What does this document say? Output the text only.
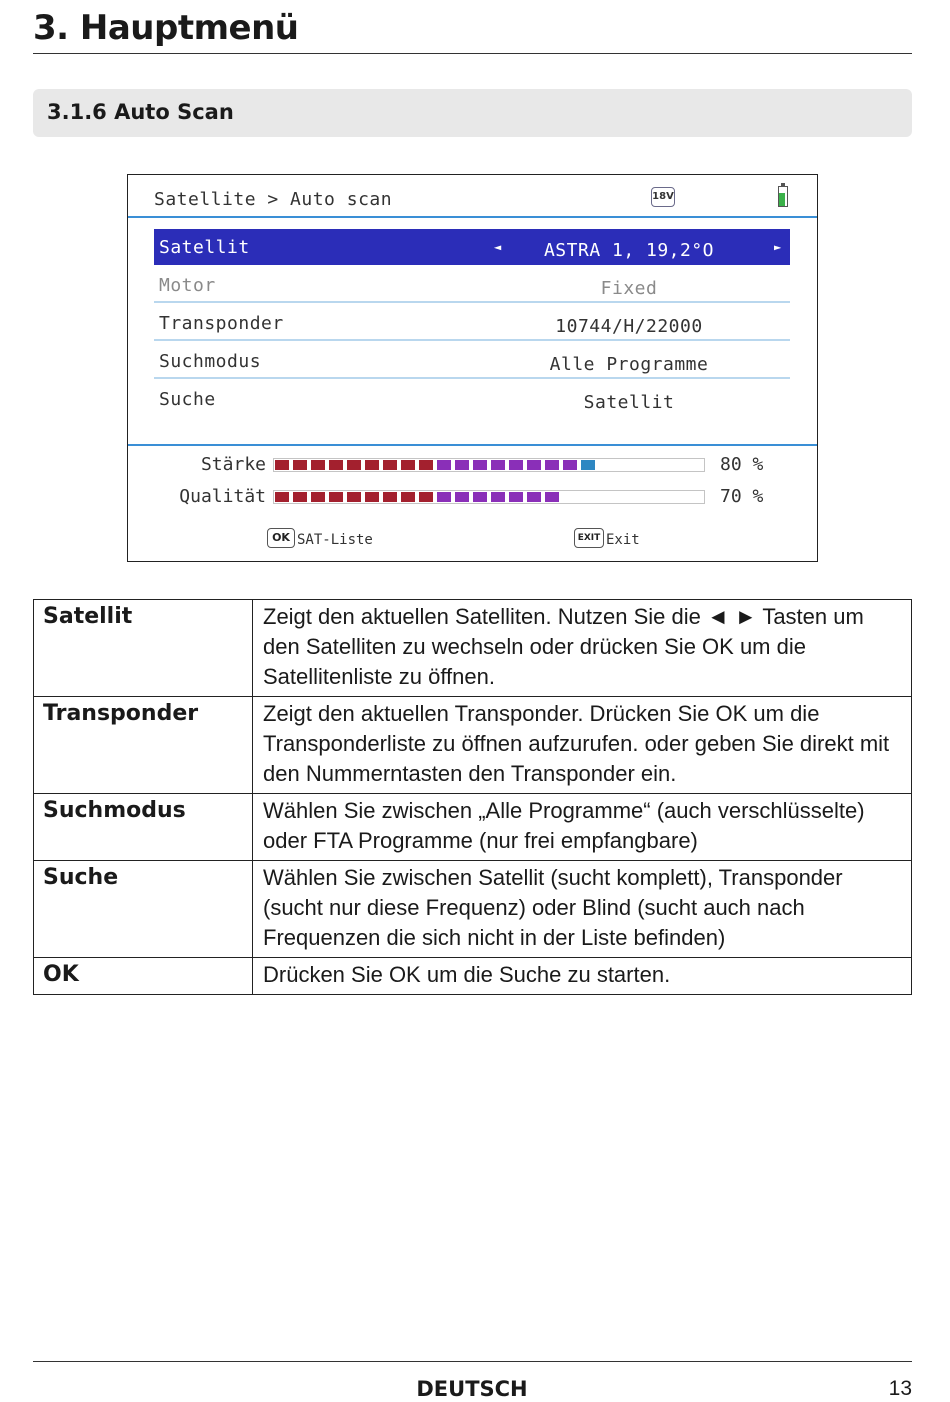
3. Hauptmenü
3.1.6 Auto Scan
Satellite > Auto scan	18V
Satellit	◄	ASTRA 1, 19,2°O	►
Motor	Fixed
Transponder	10744/H/22000
Suchmodus	Alle Programme
Suche	Satellit
Stärke	80 %
Qualität	70 %
OK SAT-Liste	EXIT Exit
Satellit	Zeigt den aktuellen Satelliten. Nutzen Sie die ◄ ► Tasten um den Satelliten zu wechseln oder drücken Sie OK um die Satellitenliste zu öffnen.
Transponder	Zeigt den aktuellen Transponder. Drücken Sie OK um die Transponderliste zu öffnen aufzurufen. oder geben Sie direkt mit den Nummerntasten den Transponder ein.
Suchmodus	Wählen Sie zwischen „Alle Programme“ (auch verschlüsselte) oder FTA Programme (nur frei empfangbare)
Suche	Wählen Sie zwischen Satellit (sucht komplett), Transponder (sucht nur diese Frequenz) oder Blind (sucht auch nach Frequenzen die sich nicht in der Liste befinden)
OK	Drücken Sie OK um die Suche zu starten.
DEUTSCH	13
